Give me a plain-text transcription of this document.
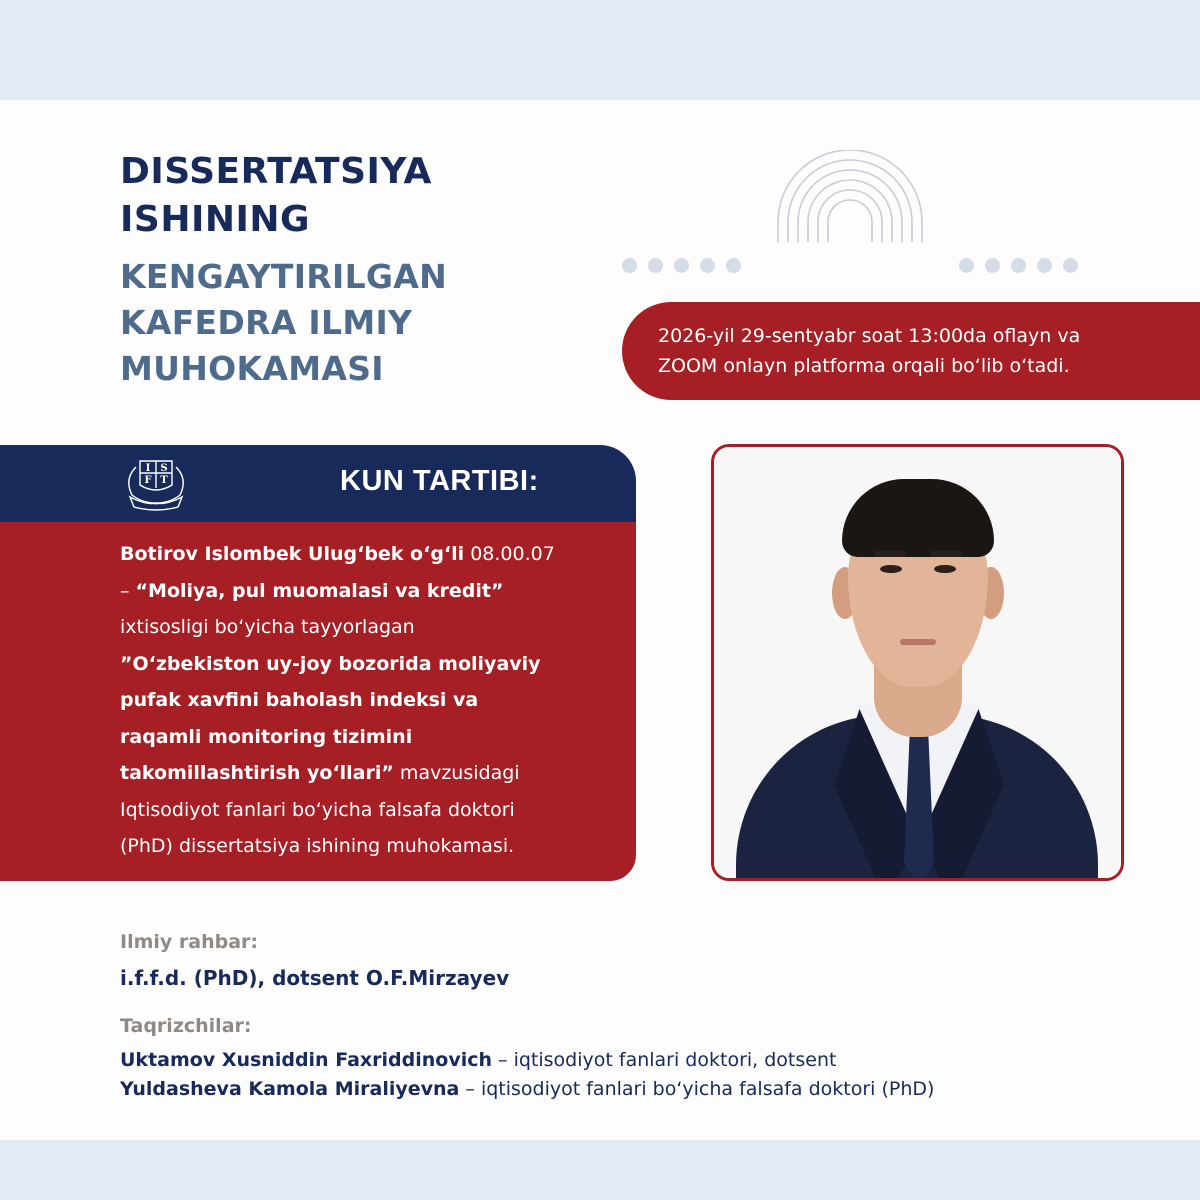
DISSERTATSIYA
ISHINING
KENGAYTIRILGAN
KAFEDRA ILMIY
MUHOKAMASI
2026-yil 29-sentyabr soat 13:00da oflayn va
ZOOM onlayn platforma orqali boʻlib oʻtadi.
I S
F T
INSTITUTI
KUN TARTIBI:
Botirov Islombek Ulugʻbek oʻgʻli 08.00.07
– “Moliya, pul muomalasi va kredit”
ixtisosligi boʻyicha tayyorlagan
”Oʻzbekiston uy-joy bozorida moliyaviy
pufak xavfini baholash indeksi va
raqamli monitoring tizimini
takomillashtirish yoʻllari” mavzusidagi
Iqtisodiyot fanlari boʻyicha falsafa doktori
(PhD) dissertatsiya ishining muhokamasi.
Ilmiy rahbar:
i.f.f.d. (PhD), dotsent O.F.Mirzayev
Taqrizchilar:
Uktamov Xusniddin Faxriddinovich – iqtisodiyot fanlari doktori, dotsent
Yuldasheva Kamola Miraliyevna – iqtisodiyot fanlari boʻyicha falsafa doktori (PhD)
